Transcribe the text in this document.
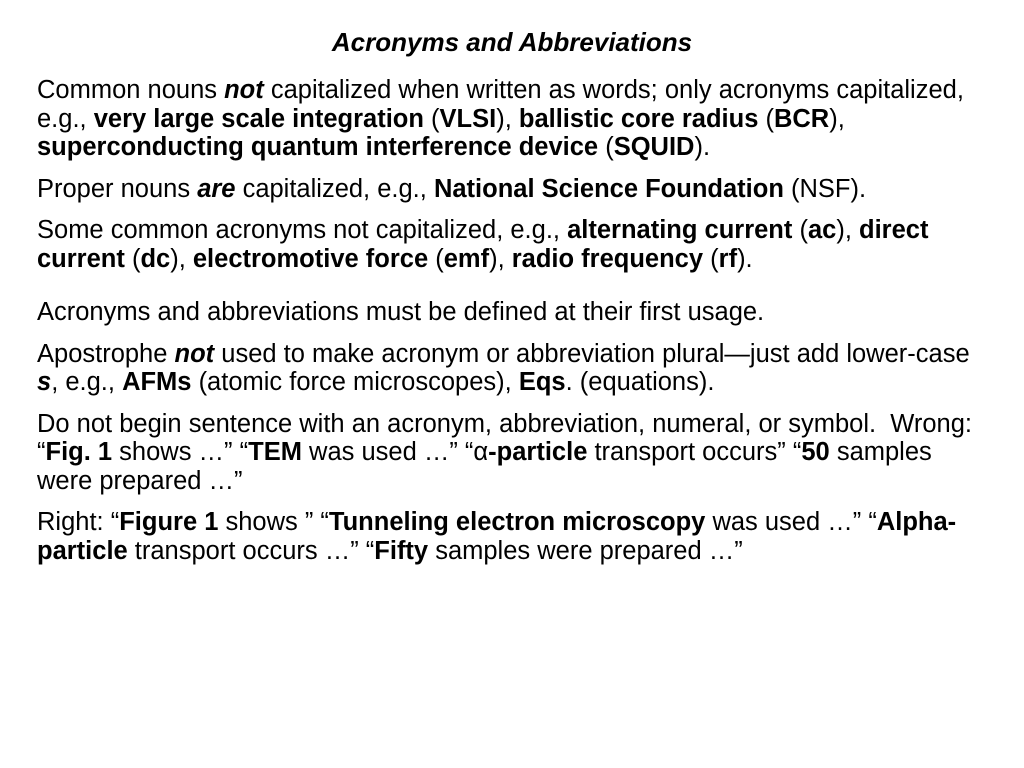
Acronyms and Abbreviations

Common nouns not capitalized when written as words; only acronyms capitalized, e.g., very large scale integration (VLSI), ballistic core radius (BCR), superconducting quantum interference device (SQUID).

Proper nouns are capitalized, e.g., National Science Foundation (NSF).

Some common acronyms not capitalized, e.g., alternating current (ac), direct current (dc), electromotive force (emf), radio frequency (rf).

Acronyms and abbreviations must be defined at their first usage.

Apostrophe not used to make acronym or abbreviation plural—just add lower-case s, e.g., AFMs (atomic force microscopes), Eqs. (equations).

Do not begin sentence with an acronym, abbreviation, numeral, or symbol.  Wrong: “Fig. 1 shows …” “TEM was used …” “α-particle transport occurs” “50 samples were prepared …”

Right: “Figure 1 shows ” “Tunneling electron microscopy was used …” “Alpha-particle transport occurs …” “Fifty samples were prepared …”
